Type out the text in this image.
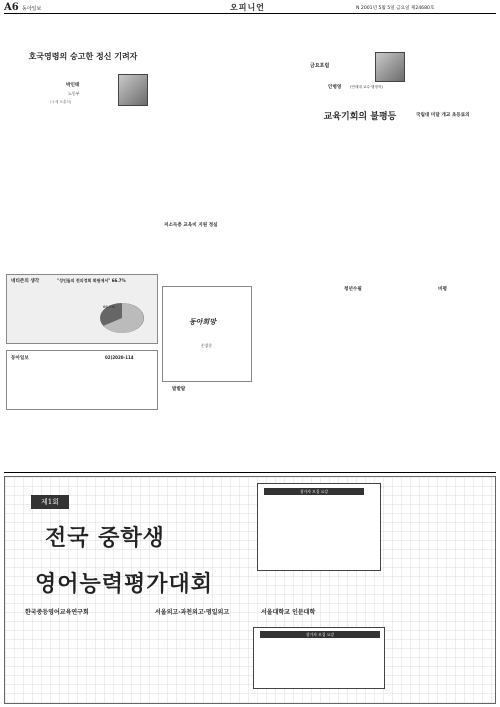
A6 동아일보	오피니언	N 2001년 5월 5일 금요일 제24680호
호국영령의 숭고한 정신 기려자
박인태
노동부
(국제 보훈처)
네티즌의 생각	"성인들의 전의정회 회원에서" 66.7%
66.7%
동아일보	02)2020-114
금요포럼
안병영 (연세대 교수·행정학)
교육기회의 불평등	국립대 미달 개교 초등료의
저소득층 교육비 지원 정실
동아희망
손창준
발발탈
청년수필	비평
제1회
전국 중학생
영어능력평가대회
참가자 모집 요강
참가자 모집 요강
한국중등영어교육연구회	서울외고·과천외고·명일외고	서울대학교 인문대학
